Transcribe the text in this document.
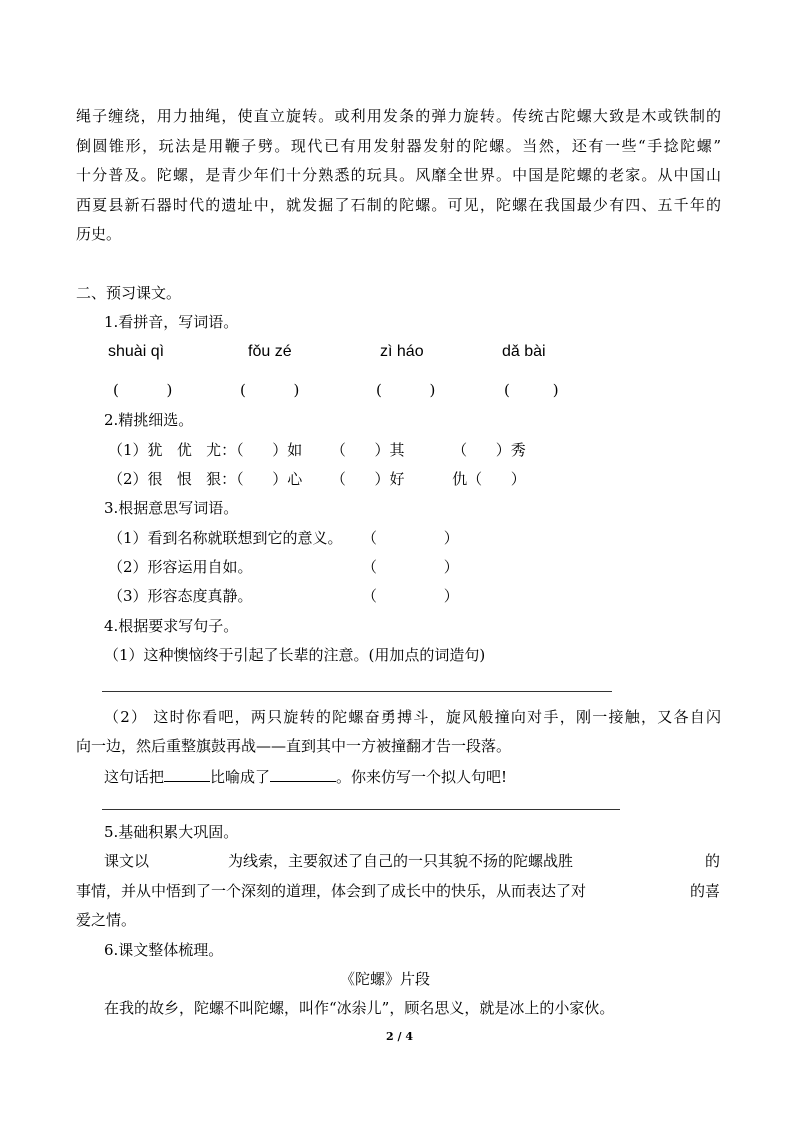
绳子缠绕，用力抽绳，使直立旋转。或利用发条的弹力旋转。传统古陀螺大致是木或铁制的
倒圆锥形，玩法是用鞭子劈。现代已有用发射器发射的陀螺。当然，还有一些“手捻陀螺”
十分普及。陀螺，是青少年们十分熟悉的玩具。风靡全世界。中国是陀螺的老家。从中国山
西夏县新石器时代的遗址中，就发掘了石制的陀螺。可见，陀螺在我国最少有四、五千年的
历史。
二、预习课文。
1.看拼音，写词语。
shuài qì	fǒu zé	zì háo	dǎ bài
(          )	(          )	(          )	(         )
2.精挑细选。
（1）犹   优   尤：（      ）如      （      ）其          （      ）秀
（2）很   恨   狠：（      ）心      （      ）好          仇（      ）
3.根据意思写词语。
（1）看到名称就联想到它的意义。 （              ）
（2）形容运用自如。	（              ）
（3）形容态度真静。	（              ）
4.根据要求写句子。
（1）这种懊恼终于引起了长辈的注意。(用加点的词造句)
（2） 这时你看吧，两只旋转的陀螺奋勇搏斗，旋风般撞向对手，刚一接触，又各自闪
向一边，然后重整旗鼓再战——直到其中一方被撞翻才告一段落。
这句话把	比喻成了	。你来仿写一个拟人句吧!
5.基础积累大巩固。
课文以	为线索，主要叙述了自己的一只其貌不扬的陀螺战胜	的
事情，并从中悟到了一个深刻的道理，体会到了成长中的快乐，从而表达了对	的喜
爱之情。
6.课文整体梳理。
《陀螺》片段
在我的故乡，陀螺不叫陀螺，叫作“冰尜儿”，顾名思义，就是冰上的小家伙。
2 / 4
